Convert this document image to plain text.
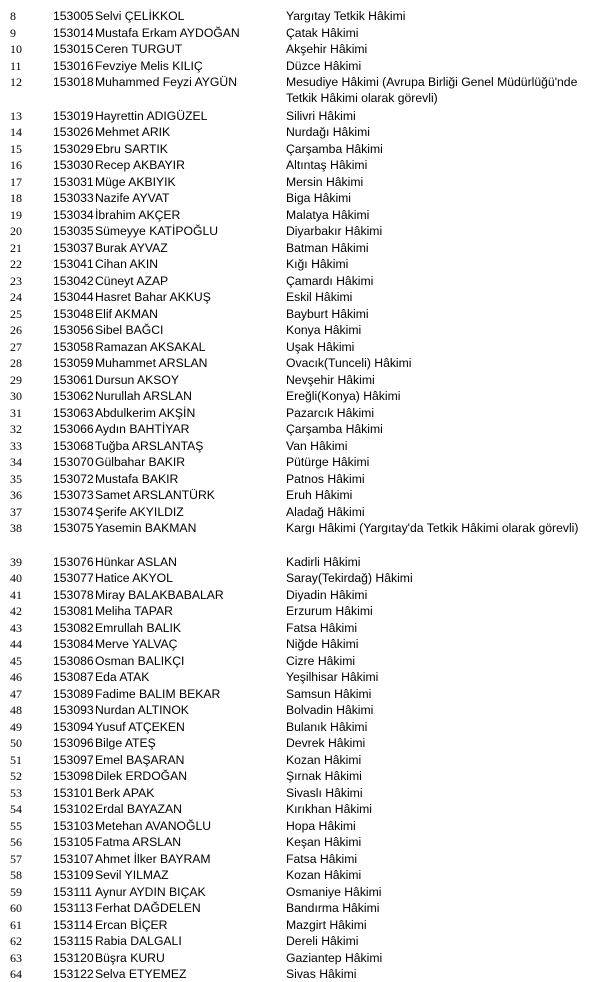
8	153005 Selvi ÇELİKKOL	Yargıtay Tetkik Hâkimi
9	153014 Mustafa Erkam AYDOĞAN	Çatak Hâkimi
10	153015 Ceren TURGUT	Akşehir Hâkimi
11	153016 Fevziye Melis KILIÇ	Düzce Hâkimi
12	153018 Muhammed Feyzi AYGÜN	Mesudiye Hâkimi (Avrupa Birliği Genel Müdürlüğü'nde Tetkik Hâkimi olarak görevli)
13	153019 Hayrettin ADIGÜZEL	Silivri Hâkimi
14	153026 Mehmet ARIK	Nurdağı Hâkimi
15	153029 Ebru SARTIK	Çarşamba Hâkimi
16	153030 Recep AKBAYIR	Altıntaş Hâkimi
17	153031 Müge AKBIYIK	Mersin Hâkimi
18	153033 Nazife AYVAT	Biga Hâkimi
19	153034 İbrahim AKÇER	Malatya Hâkimi
20	153035 Sümeyye KATİPOĞLU	Diyarbakır Hâkimi
21	153037 Burak AYVAZ	Batman Hâkimi
22	153041 Cihan AKIN	Kığı Hâkimi
23	153042 Cüneyt AZAP	Çamardı Hâkimi
24	153044 Hasret Bahar AKKUŞ	Eskil Hâkimi
25	153048 Elif AKMAN	Bayburt Hâkimi
26	153056 Sibel BAĞCI	Konya Hâkimi
27	153058 Ramazan AKSAKAL	Uşak Hâkimi
28	153059 Muhammet ARSLAN	Ovacık(Tunceli) Hâkimi
29	153061 Dursun AKSOY	Nevşehir Hâkimi
30	153062 Nurullah ARSLAN	Ereğli(Konya) Hâkimi
31	153063 Abdulkerim AKŞİN	Pazarcık Hâkimi
32	153066 Aydın BAHTİYAR	Çarşamba Hâkimi
33	153068 Tuğba ARSLANTAŞ	Van Hâkimi
34	153070 Gülbahar BAKIR	Pütürge Hâkimi
35	153072 Mustafa BAKIR	Patnos Hâkimi
36	153073 Samet ARSLANTÜRK	Eruh Hâkimi
37	153074 Şerife AKYILDIZ	Aladağ Hâkimi
38	153075 Yasemin BAKMAN	Kargı Hâkimi (Yargıtay'da Tetkik Hâkimi olarak görevli)
39	153076 Hünkar ASLAN	Kadirli Hâkimi
40	153077 Hatice AKYOL	Saray(Tekirdağ) Hâkimi
41	153078 Miray BALAKBABALAR	Diyadin Hâkimi
42	153081 Meliha TAPAR	Erzurum Hâkimi
43	153082 Emrullah BALIK	Fatsa Hâkimi
44	153084 Merve YALVAÇ	Niğde Hâkimi
45	153086 Osman BALIKÇI	Cizre Hâkimi
46	153087 Eda ATAK	Yeşilhisar Hâkimi
47	153089 Fadime BALIM BEKAR	Samsun Hâkimi
48	153093 Nurdan ALTINOK	Bolvadin Hâkimi
49	153094 Yusuf ATÇEKEN	Bulanık Hâkimi
50	153096 Bilge ATEŞ	Devrek Hâkimi
51	153097 Emel BAŞARAN	Kozan Hâkimi
52	153098 Dilek ERDOĞAN	Şırnak Hâkimi
53	153101 Berk APAK	Sivaslı Hâkimi
54	153102 Erdal BAYAZAN	Kırıkhan Hâkimi
55	153103 Metehan AVANOĞLU	Hopa Hâkimi
56	153105 Fatma ARSLAN	Keşan Hâkimi
57	153107 Ahmet İlker BAYRAM	Fatsa Hâkimi
58	153109 Sevil YILMAZ	Kozan Hâkimi
59	153111 Aynur AYDIN BIÇAK	Osmaniye Hâkimi
60	153113 Ferhat DAĞDELEN	Bandırma Hâkimi
61	153114 Ercan BİÇER	Mazgirt Hâkimi
62	153115 Rabia DALGALI	Dereli Hâkimi
63	153120 Büşra KURU	Gaziantep Hâkimi
64	153122 Selva ETYEMEZ	Sivas Hâkimi
